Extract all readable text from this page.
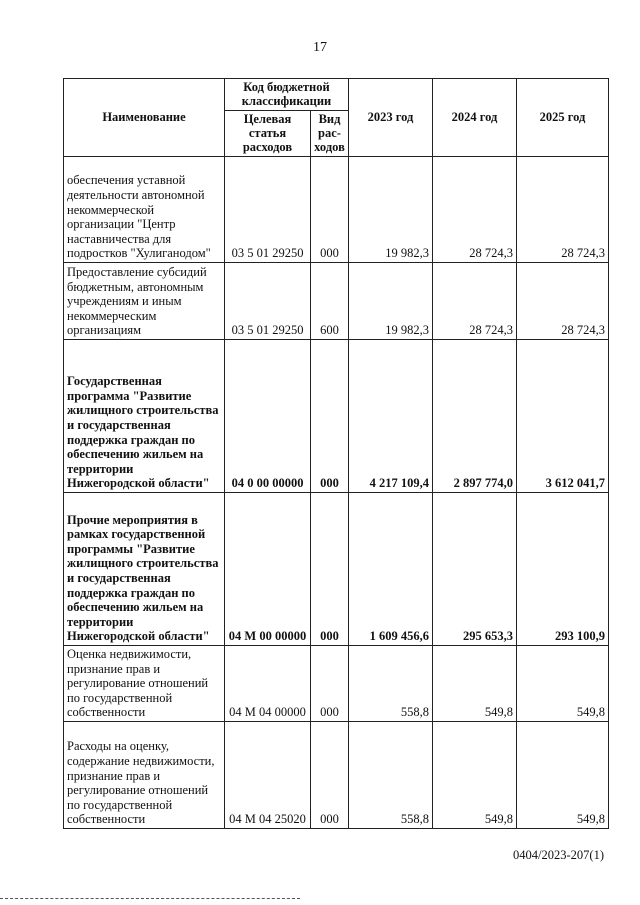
17
Наименование	Код бюджетной классификации		2023 год	2024 год	2025 год
	Целевая статья расходов	Вид рас-ходов			
обеспечения уставной деятельности автономной некоммерческой организации "Центр наставничества для подростков "Хулиганодом"	03 5 01 29250	000	19 982,3	28 724,3	28 724,3
Предоставление субсидий бюджетным, автономным учреждениям и иным некоммерческим организациям	03 5 01 29250	600	19 982,3	28 724,3	28 724,3
Государственная программа "Развитие жилищного строительства и государственная поддержка граждан по обеспечению жильем на территории Нижегородской области"	04 0 00 00000	000	4 217 109,4	2 897 774,0	3 612 041,7
Прочие мероприятия в рамках государственной программы "Развитие жилищного строительства и государственная поддержка граждан по обеспечению жильем на территории Нижегородской области"	04 М 00 00000	000	1 609 456,6	295 653,3	293 100,9
Оценка недвижимости, признание прав и регулирование отношений по государственной собственности	04 М 04 00000	000	558,8	549,8	549,8
Расходы на оценку, содержание недвижимости, признание прав и регулирование отношений по государственной собственности	04 М 04 25020	000	558,8	549,8	549,8
0404/2023-207(1)
